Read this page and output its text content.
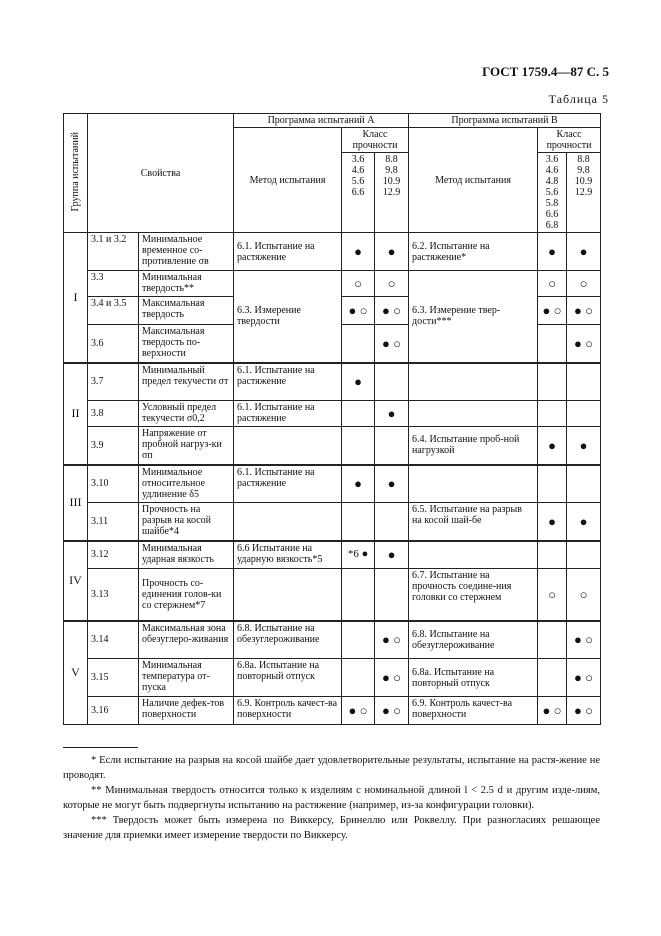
ГОСТ 1759.4—87 С. 5
Таблица 5
Группа испытаний	Свойства		Программа испытаний А			Программа испытаний В		
			Метод испытания	Класс прочности		Метод испытания	Класс прочности	

				3.6 4.6 5.6 6.6	8.8 9.8 10.9 12.9		3.6 4.6 4.8 5.6 5.8 6.6 6.8	8.8 9.8 10.9 12.9

I	3.1 и 3.2	Минимальное временное со-противление σв	6.1. Испытание на растяжение	●	●	6.2. Испытание на растяжение*	●	●

	3.3	Минимальная твердость**	6.3. Измерение твердости	○	○	6.3. Измерение твер-дости***	○	○

	3.4 и 3.5	Максимальная твердость		● ○	● ○		● ○	● ○

	3.6	Максимальная твердость по-верхности			● ○			● ○

II	3.7	Минимальный предел текучести σт	6.1. Испытание на растяжение	●				

	3.8	Условный предел текучести σ0,2	6.1. Испытание на растяжение		●			

	3.9	Напряжение от пробной нагруз-ки σп				6.4. Испытание проб-ной нагрузкой	●	●

III	3.10	Минимальное относительное удлинение δ5	6.1. Испытание на растяжение	●	●			

	3.11	Прочность на разрыв на косой шайбе*4				6.5. Испытание на разрыв на косой шай-бе	●	●

IV	3.12	Минимальная ударная вязкость	6.6 Испытание на ударную вязкость*5	*6 ●	●			

	3.13	Прочность со-единения голов-ки со стержнем*7				6.7. Испытание на прочность соедине-ния головки со стержнем	○	○

V	3.14	Максимальная зона обезуглеро-живания	6.8. Испытание на обезуглероживание		● ○	6.8. Испытание на обезуглероживание		● ○

	3.15	Минимальная температура от-пуска	6.8а. Испытание на повторный отпуск		● ○	6.8а. Испытание на повторный отпуск		● ○

	3.16	Наличие дефек-тов поверхности	6.9. Контроль качест-ва поверхности	● ○	● ○	6.9. Контроль качест-ва поверхности	● ○	● ○

* Если испытание на разрыв на косой шайбе дает удовлетворительные результаты, испытание на растя-жение не проводят.

** Минимальная твердость относится только к изделиям с номинальной длиной l < 2.5 d и другим изде-лиям, которые не могут быть подвергнуты испытанию на растяжение (например, из-за конфигурации головки).

*** Твердость может быть измерена по Виккерсу, Бринеллю или Роквеллу. При разногласиях решающее значение для приемки имеет измерение твердости по Виккерсу.
